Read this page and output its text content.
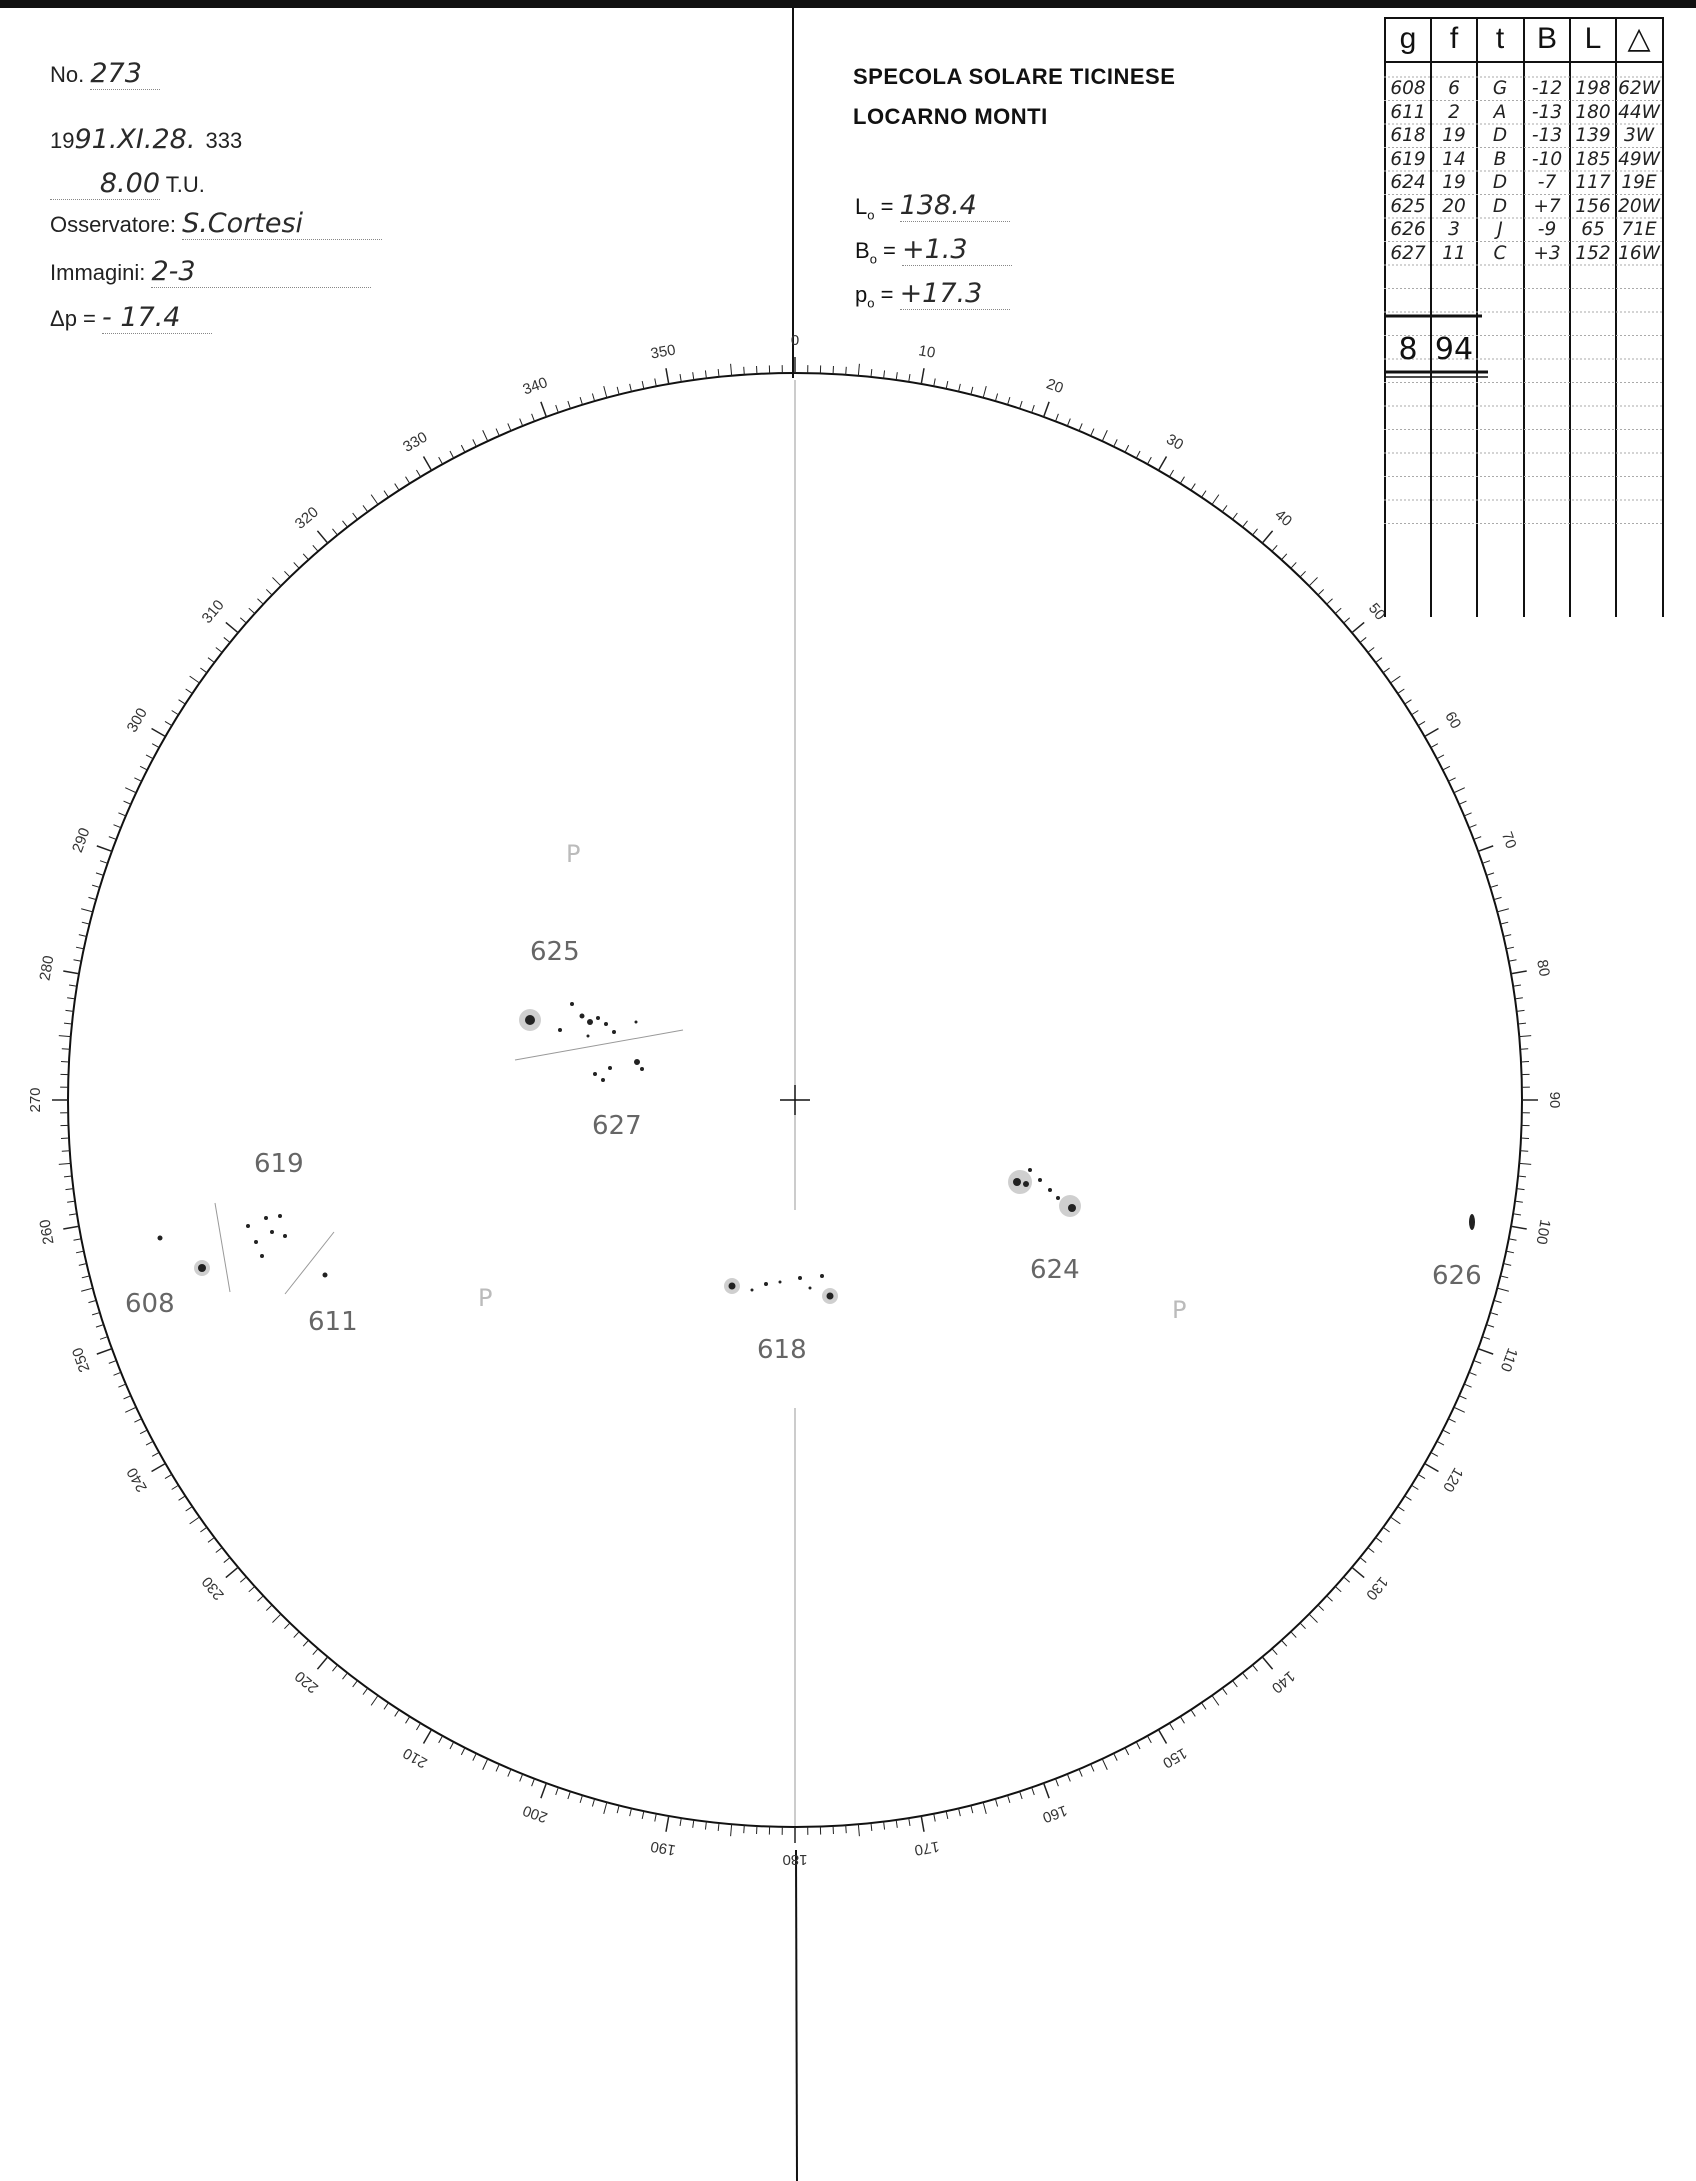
No. 273
1991.XI.28. 333
8.00 T.U.
Osservatore: S.Cortesi
Immagini: 2-3
Δp = - 17.4
SPECOLA SOLARE TICINESE
LOCARNO MONTI
$L_o = 138.4$
$B_o = +1.3$
$p_o = +17.3$
0
10
20
30
40
50
60
70
80
90
100
110
120
130
140
150
160
170
180
190
200
210
220
230
240
250
260
270
280
290
300
310
320
330
340
350
625
627
619
608
611
618
624	626
P
P	P
g	f	t	B L △
608	6	G	-12 198 62W
611	2	A	-13 180 44W
618 19	D	-13 139 3W
619 14	B	-10 185 49W
624 19	D	-7	117 19E
625 20	D	+7 156 20W
626	3	J	-9	65 71E
627 11	C	+3 152 16W
8 94
